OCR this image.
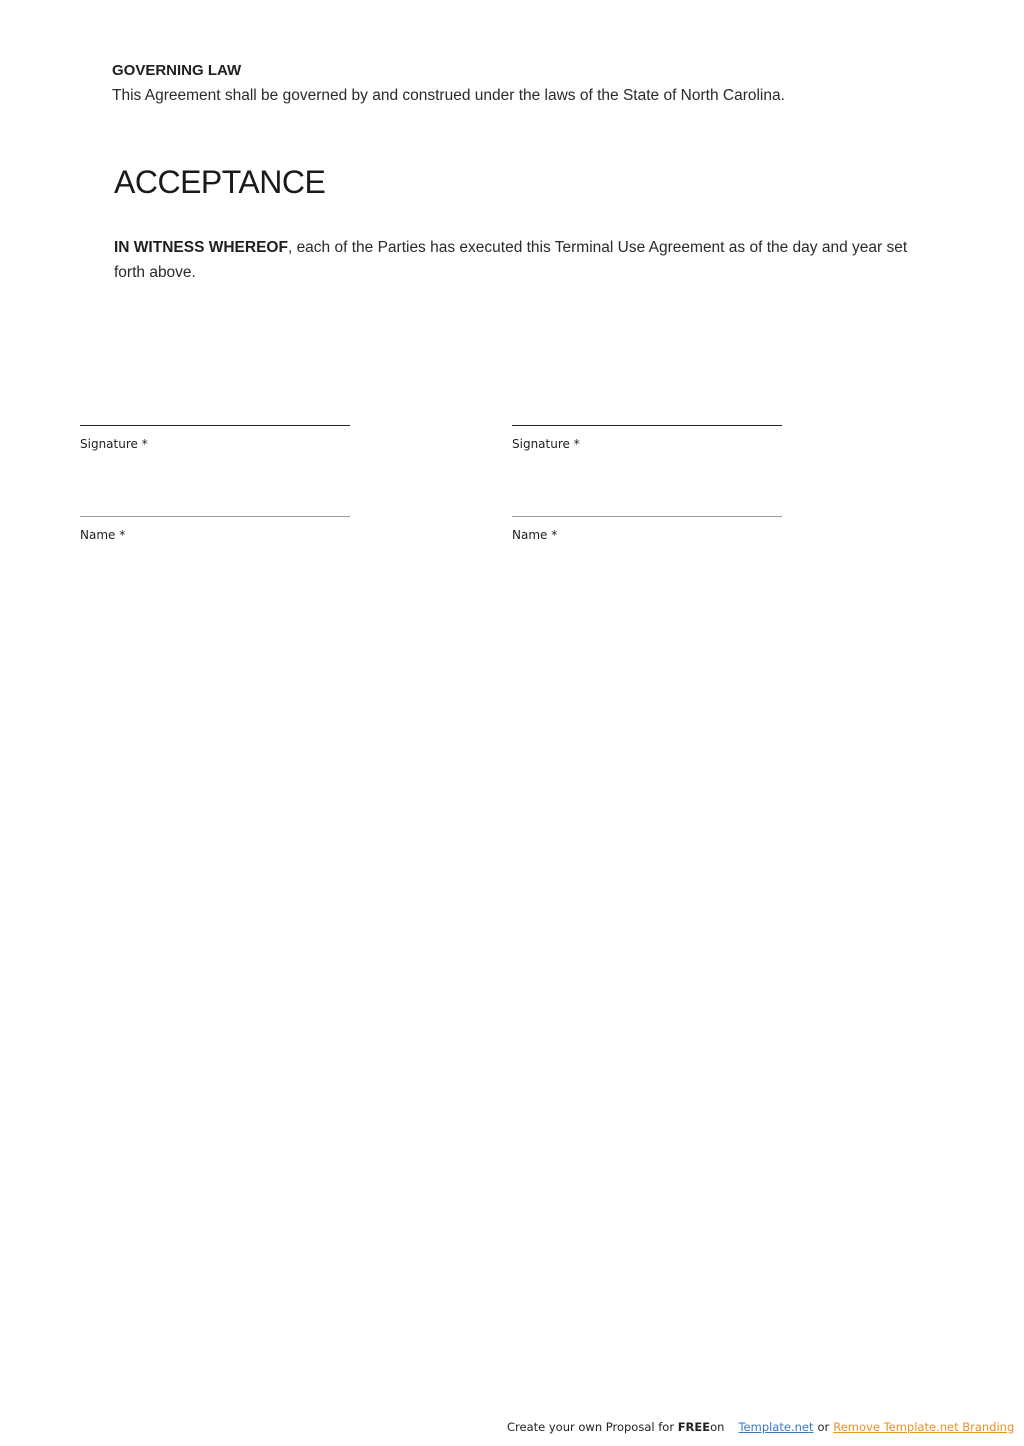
GOVERNING LAW
This Agreement shall be governed by and construed under the laws of the State of North Carolina.
ACCEPTANCE
IN WITNESS WHEREOF, each of the Parties has executed this Terminal Use Agreement as of the day and year set forth above.
Signature *
Name *
Signature *
Name *
Create your own Proposal for FREEon Template.net or Remove Template.net Branding
